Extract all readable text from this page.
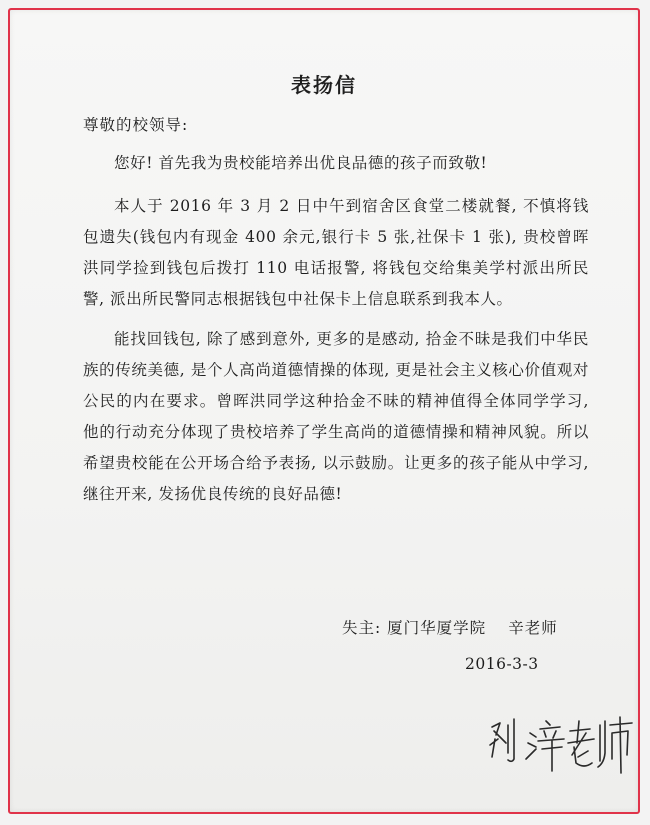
表扬信

尊敬的校领导:

您好! 首先我为贵校能培养出优良品德的孩子而致敬!

本人于 2016 年 3 月 2 日中午到宿舍区食堂二楼就餐, 不慎将钱包遗失(钱包内有现金 400 余元,银行卡 5 张,社保卡 1 张), 贵校曾晖洪同学捡到钱包后拨打 110 电话报警, 将钱包交给集美学村派出所民警, 派出所民警同志根据钱包中社保卡上信息联系到我本人。

能找回钱包, 除了感到意外, 更多的是感动, 拾金不昧是我们中华民族的传统美德, 是个人高尚道德情操的体现, 更是社会主义核心价值观对公民的内在要求。曾晖洪同学这种拾金不昧的精神值得全体同学学习, 他的行动充分体现了贵校培养了学生高尚的道德情操和精神风貌。所以希望贵校能在公开场合给予表扬, 以示鼓励。让更多的孩子能从中学习, 继往开来, 发扬优良传统的良好品德!

失主: 厦门华厦学院 辛老师

2016-3-3
